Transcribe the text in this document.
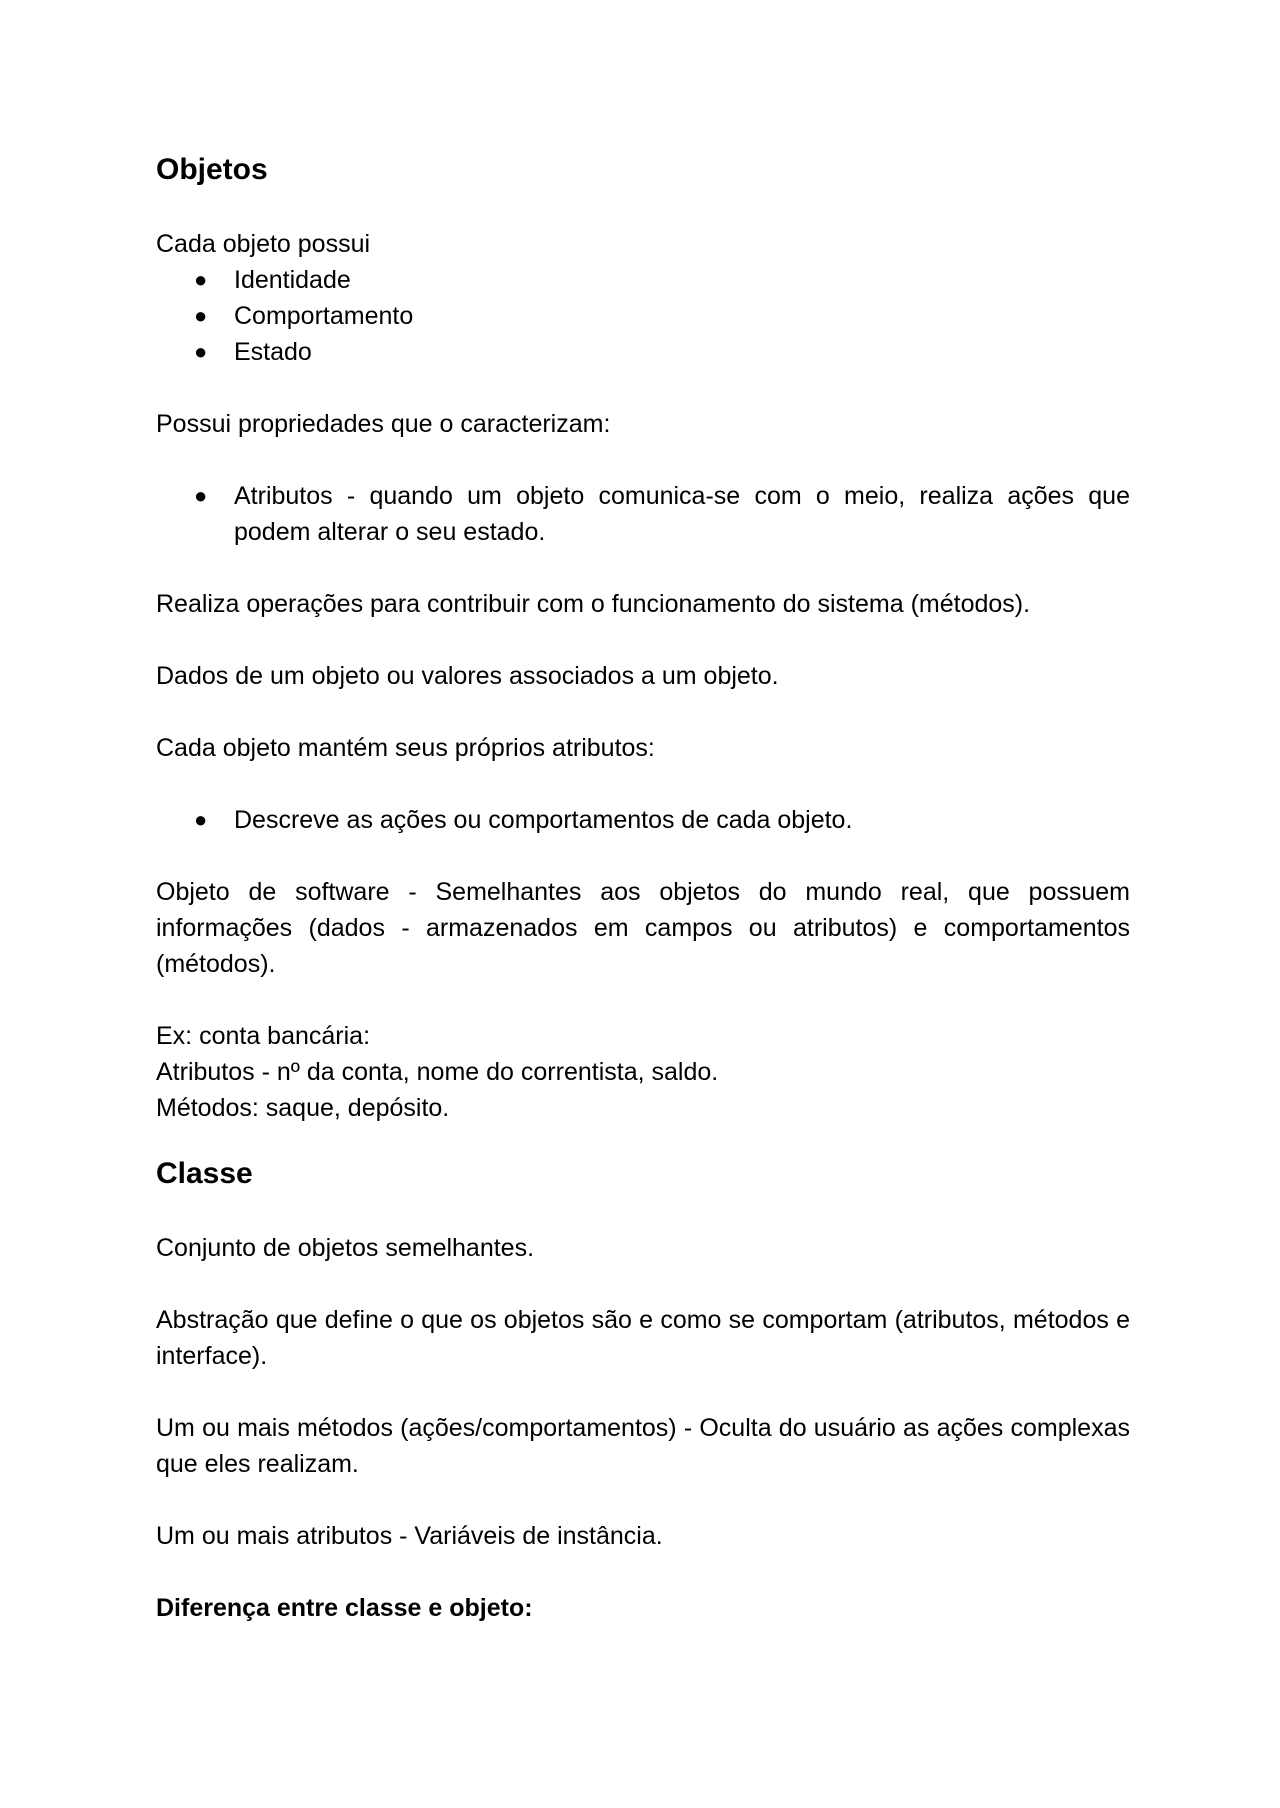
Objetos

Cada objeto possui

● Identidade
● Comportamento
● Estado

Possui propriedades que o caracterizam:

● Atributos - quando um objeto comunica-se com o meio, realiza ações que podem alterar o seu estado.

Realiza operações para contribuir com o funcionamento do sistema (métodos).

Dados de um objeto ou valores associados a um objeto.

Cada objeto mantém seus próprios atributos:

● Descreve as ações ou comportamentos de cada objeto.

Objeto de software - Semelhantes aos objetos do mundo real, que possuem informações (dados - armazenados em campos ou atributos) e comportamentos (métodos).

Ex: conta bancária:

Atributos - nº da conta, nome do correntista, saldo.

Métodos: saque, depósito.

Classe

Conjunto de objetos semelhantes.

Abstração que define o que os objetos são e como se comportam (atributos, métodos e interface).

Um ou mais métodos (ações/comportamentos) - Oculta do usuário as ações complexas que eles realizam.

Um ou mais atributos - Variáveis de instância.

Diferença entre classe e objeto:
